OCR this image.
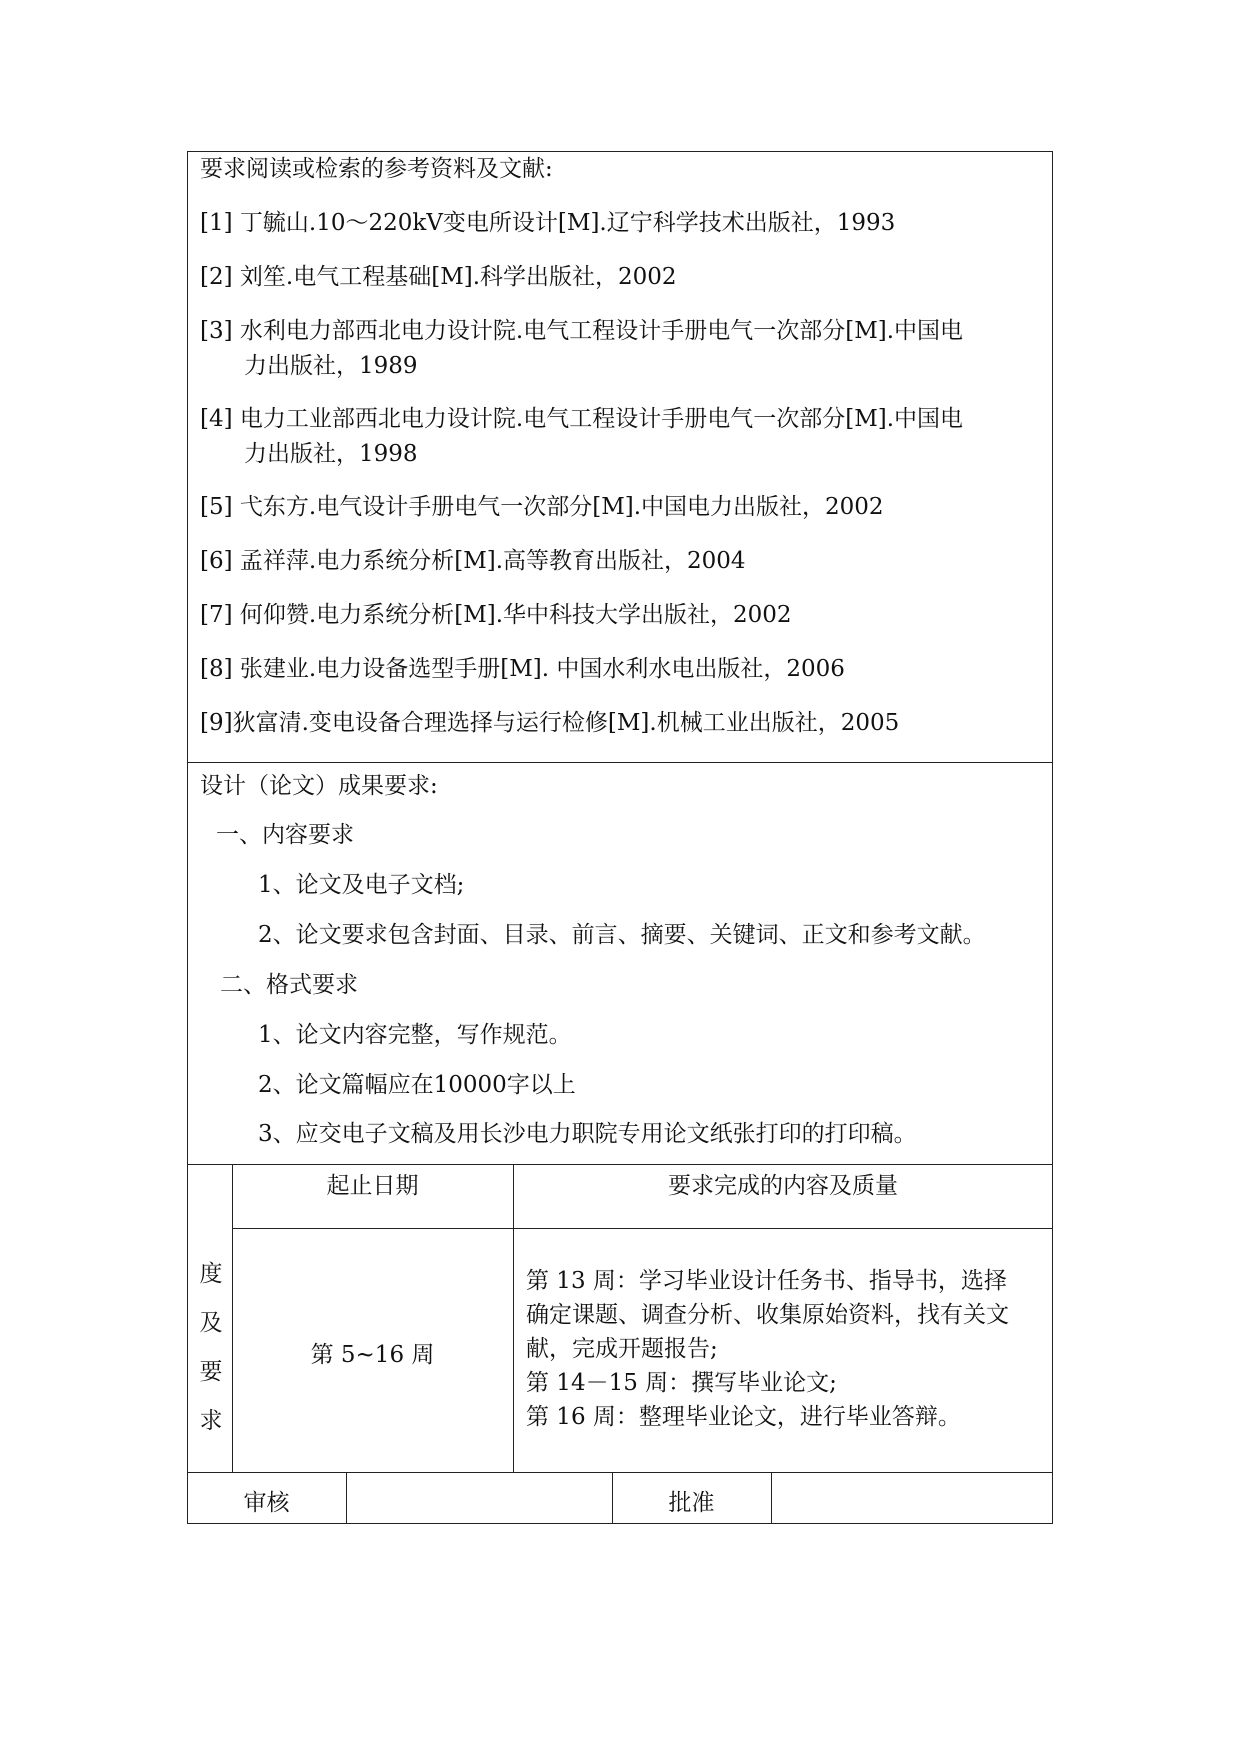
要求阅读或检索的参考资料及文献:
[1] 丁毓山.10～220kV变电所设计[M].辽宁科学技术出版社，1993
[2] 刘笙.电气工程基础[M].科学出版社，2002
[3] 水利电力部西北电力设计院.电气工程设计手册电气一次部分[M].中国电
力出版社，1989
[4] 电力工业部西北电力设计院.电气工程设计手册电气一次部分[M].中国电
力出版社，1998
[5] 弋东方.电气设计手册电气一次部分[M].中国电力出版社，2002
[6] 孟祥萍.电力系统分析[M].高等教育出版社，2004
[7] 何仰赞.电力系统分析[M].华中科技大学出版社，2002
[8] 张建业.电力设备选型手册[M]. 中国水利水电出版社，2006
[9]狄富清.变电设备合理选择与运行检修[M].机械工业出版社，2005
设计（论文）成果要求:
一、内容要求
1、论文及电子文档;
2、论文要求包含封面、目录、前言、摘要、关键词、正文和参考文献。
二、格式要求
1、论文内容完整，写作规范。
2、论文篇幅应在10000字以上
3、应交电子文稿及用长沙电力职院专用论文纸张打印的打印稿。
度
及
要
求
起止日期	要求完成的内容及质量
第 5~16 周
第 13 周：学习毕业设计任务书、指导书，选择
确定课题、调查分析、收集原始资料，找有关文
献，完成开题报告;
第 14－15 周：撰写毕业论文;
第 16 周：整理毕业论文，进行毕业答辩。
审核	批准
